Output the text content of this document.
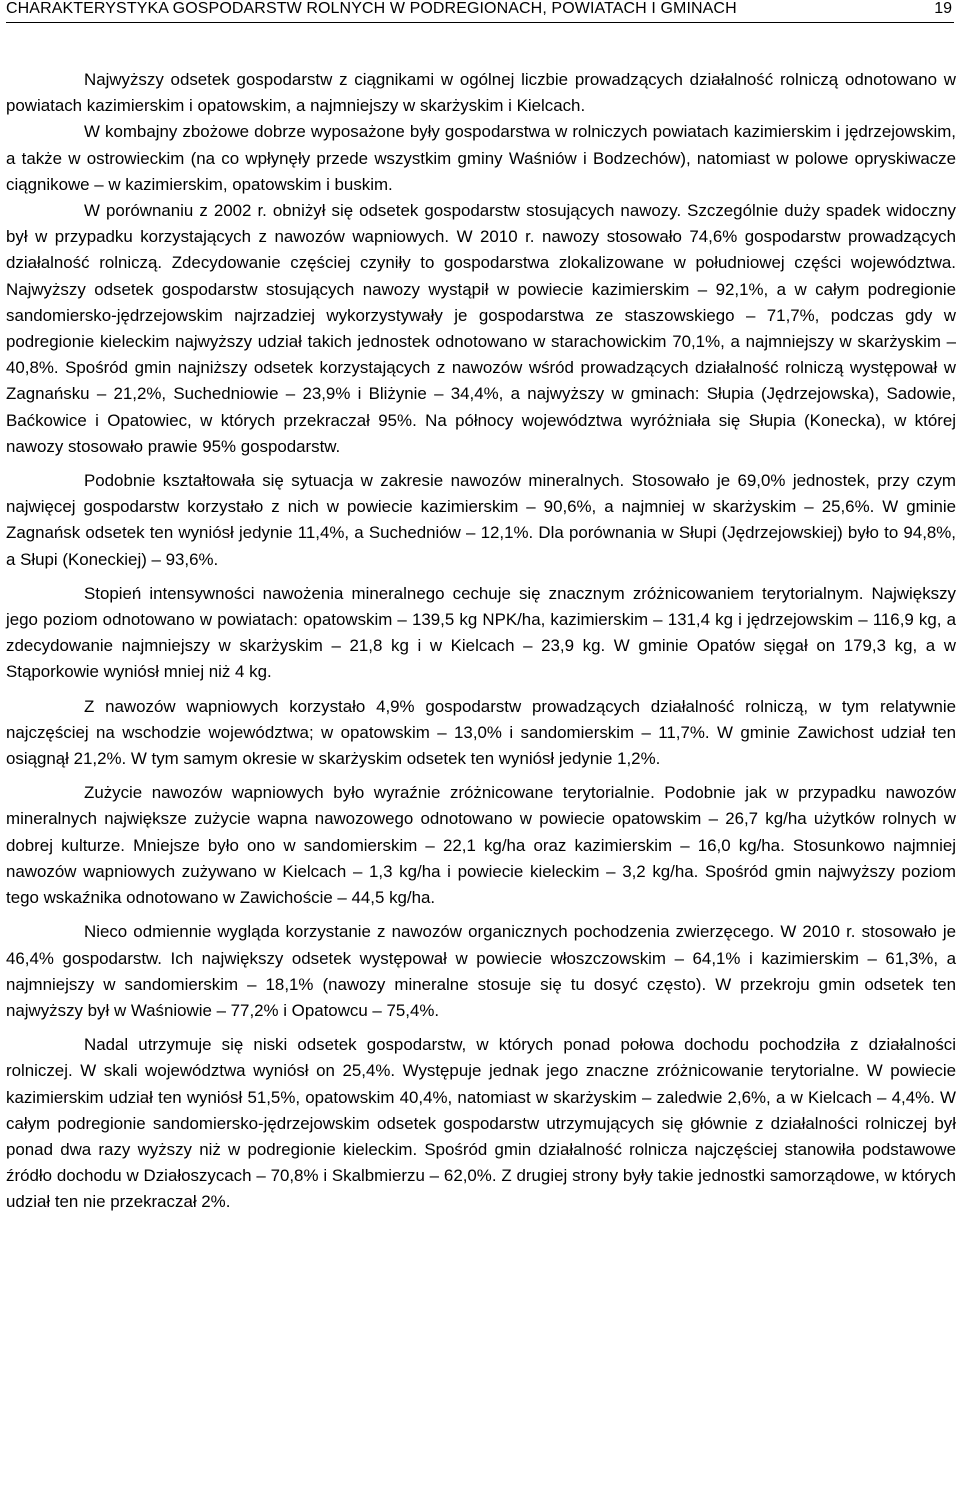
CHARAKTERYSTYKA GOSPODARSTW ROLNYCH W PODREGIONACH, POWIATACH I GMINACH	19

Najwyższy odsetek gospodarstw z ciągnikami w ogólnej liczbie prowadzących działalność rolniczą odnotowano w powiatach kazimierskim i opatowskim, a najmniejszy w skarżyskim i Kielcach.

W kombajny zbożowe dobrze wyposażone były gospodarstwa w rolniczych powiatach kazimierskim i jędrzejowskim, a także w ostrowieckim (na co wpłynęły przede wszystkim gminy Waśniów i Bodzechów), natomiast w polowe opryskiwacze ciągnikowe – w kazimierskim, opatowskim i buskim.

W porównaniu z 2002 r. obniżył się odsetek gospodarstw stosujących nawozy. Szczególnie duży spadek widoczny był w przypadku korzystających z nawozów wapniowych. W 2010 r. nawozy stosowało 74,6% gospodarstw prowadzących działalność rolniczą. Zdecydowanie częściej czyniły to gospodarstwa zlokalizowane w południowej części województwa. Najwyższy odsetek gospodarstw stosujących nawozy wystąpił w powiecie kazimierskim – 92,1%, a w całym podregionie sandomiersko-jędrzejowskim najrzadziej wykorzystywały je gospodarstwa ze staszowskiego – 71,7%, podczas gdy w podregionie kieleckim najwyższy udział takich jednostek odnotowano w starachowickim 70,1%, a najmniejszy w skarżyskim – 40,8%. Spośród gmin najniższy odsetek korzystających z nawozów wśród prowadzących działalność rolniczą występował w Zagnańsku – 21,2%, Suchedniowie – 23,9% i Bliżynie – 34,4%, a najwyższy w gminach: Słupia (Jędrzejowska), Sadowie, Baćkowice i Opatowiec, w których przekraczał 95%. Na północy województwa wyróżniała się Słupia (Konecka), w której nawozy stosowało prawie 95% gospodarstw.

Podobnie kształtowała się sytuacja w zakresie nawozów mineralnych. Stosowało je 69,0% jednostek, przy czym najwięcej gospodarstw korzystało z nich w powiecie kazimierskim – 90,6%, a najmniej w skarżyskim – 25,6%. W gminie Zagnańsk odsetek ten wyniósł jedynie 11,4%, a Suchedniów – 12,1%. Dla porównania w Słupi (Jędrzejowskiej) było to 94,8%, a Słupi (Koneckiej) – 93,6%.

Stopień intensywności nawożenia mineralnego cechuje się znacznym zróżnicowaniem terytorialnym. Największy jego poziom odnotowano w powiatach: opatowskim – 139,5 kg NPK/ha, kazimierskim – 131,4 kg i jędrzejowskim – 116,9 kg, a zdecydowanie najmniejszy w skarżyskim – 21,8 kg i w Kielcach – 23,9 kg. W gminie Opatów sięgał on 179,3 kg, a w Stąporkowie wyniósł mniej niż 4 kg.

Z nawozów wapniowych korzystało 4,9% gospodarstw prowadzących działalność rolniczą, w tym relatywnie najczęściej na wschodzie województwa; w opatowskim – 13,0% i sandomierskim – 11,7%. W gminie Zawichost udział ten osiągnął 21,2%. W tym samym okresie w skarżyskim odsetek ten wyniósł jedynie 1,2%.

Zużycie nawozów wapniowych było wyraźnie zróżnicowane terytorialnie. Podobnie jak w przypadku nawozów mineralnych największe zużycie wapna nawozowego odnotowano w powiecie opatowskim – 26,7 kg/ha użytków rolnych w dobrej kulturze. Mniejsze było ono w sandomierskim – 22,1 kg/ha oraz kazimierskim – 16,0 kg/ha. Stosunkowo najmniej nawozów wapniowych zużywano w Kielcach – 1,3 kg/ha i powiecie kieleckim – 3,2 kg/ha. Spośród gmin najwyższy poziom tego wskaźnika odnotowano w Zawichoście – 44,5 kg/ha.

Nieco odmiennie wygląda korzystanie z nawozów organicznych pochodzenia zwierzęcego. W 2010 r. stosowało je 46,4% gospodarstw. Ich największy odsetek występował w powiecie włoszczowskim – 64,1% i kazimierskim – 61,3%, a najmniejszy w sandomierskim – 18,1% (nawozy mineralne stosuje się tu dosyć często). W przekroju gmin odsetek ten najwyższy był w Waśniowie – 77,2% i Opatowcu – 75,4%.

Nadal utrzymuje się niski odsetek gospodarstw, w których ponad połowa dochodu pochodziła z działalności rolniczej. W skali województwa wyniósł on 25,4%. Występuje jednak jego znaczne zróżnicowanie terytorialne. W powiecie kazimierskim udział ten wyniósł 51,5%, opatowskim 40,4%, natomiast w skarżyskim – zaledwie 2,6%, a w Kielcach – 4,4%. W całym podregionie sandomiersko-jędrzejowskim odsetek gospodarstw utrzymujących się głównie z działalności rolniczej był ponad dwa razy wyższy niż w podregionie kieleckim. Spośród gmin działalność rolnicza najczęściej stanowiła podstawowe źródło dochodu w Działoszycach – 70,8% i Skalbmierzu – 62,0%. Z drugiej strony były takie jednostki samorządowe, w których udział ten nie przekraczał 2%.
